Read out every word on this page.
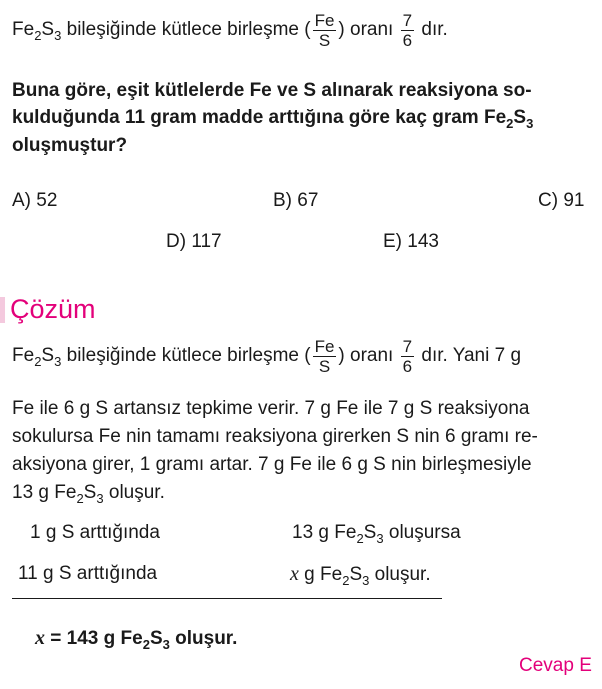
$Fe_2S_3$ bileşiğinde kütlece birleşme ( $\frac{Fe}{S}$ ) oranı $\frac{7}{6}$ dır.
Buna göre, eşit kütlelerde Fe ve S alınarak reaksiyona so-
kulduğunda 11 gram madde arttığına göre kaç gram $Fe_2S_3$
oluşmuştur?
A) 52	B) 67	C) 91
D) 117	E) 143
Çözüm
$Fe_2S_3$ bileşiğinde kütlece birleşme ( $\frac{Fe}{S}$ ) oranı $\frac{7}{6}$ dır. Yani 7 g
Fe ile 6 g S artansız tepkime verir. 7 g Fe ile 7 g S reaksiyona
sokulursa Fe nin tamamı reaksiyona girerken S nin 6 gramı re-
aksiyona girer, 1 gramı artar. 7 g Fe ile 6 g S nin birleşmesiyle
13 g $Fe_2S_3$ oluşur.
1 g S arttığında	13 g $Fe_2S_3$ oluşursa
11 g S arttığında	x g $Fe_2S_3$ oluşur.
x = 143 g $Fe_2S_3$ oluşur.
Cevap E
